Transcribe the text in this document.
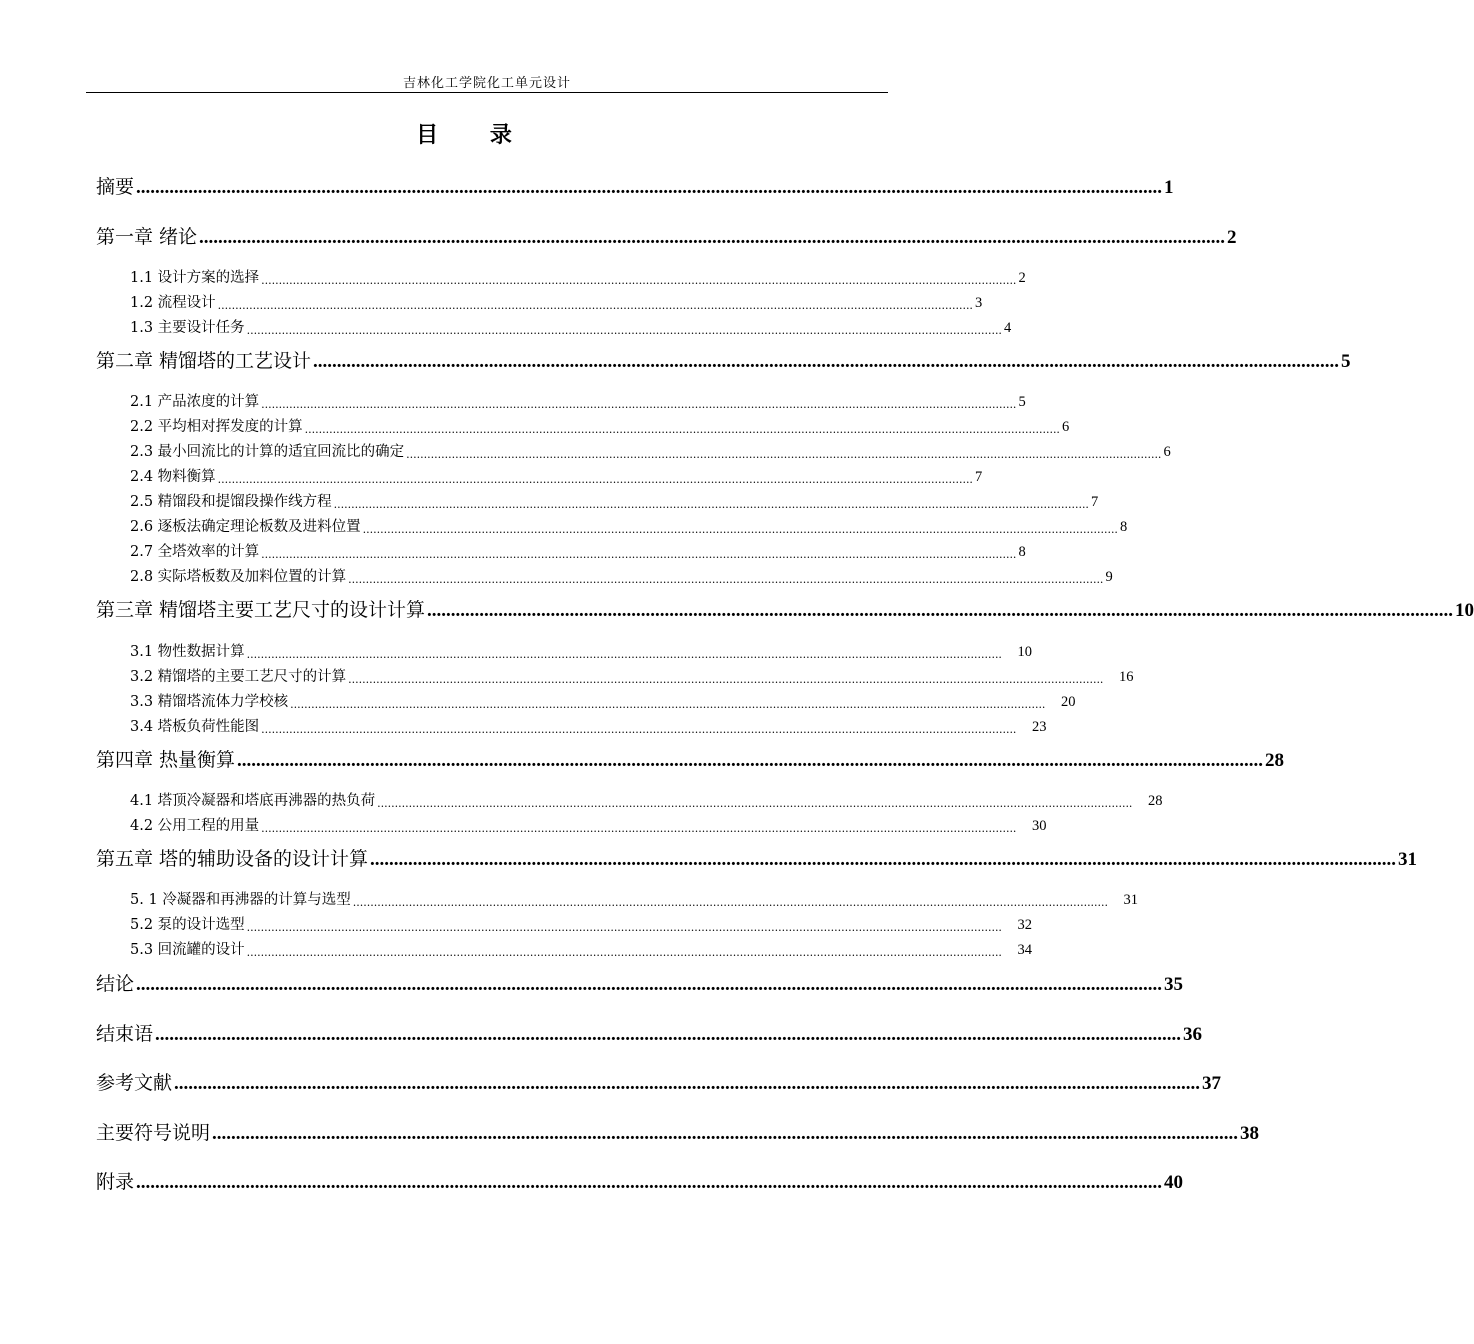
吉林化工学院化工单元设计
目 录
摘要 ........................................................................................................................................................................................................................ 1
第一章 绪论 ........................................................................................................................................................................................................................ 2
1.1 设计方案的选择 ........................................................................................................................................................................................................................ 2
1.2 流程设计 ........................................................................................................................................................................................................................ 3
1.3 主要设计任务 ........................................................................................................................................................................................................................ 4
第二章 精馏塔的工艺设计 ........................................................................................................................................................................................................................ 5
2.1 产品浓度的计算 ........................................................................................................................................................................................................................ 5
2.2 平均相对挥发度的计算 ........................................................................................................................................................................................................................ 6
2.3 最小回流比的计算的适宜回流比的确定 ........................................................................................................................................................................................................................ 6
2.4 物料衡算 ........................................................................................................................................................................................................................ 7
2.5 精馏段和提馏段操作线方程 ........................................................................................................................................................................................................................ 7
2.6 逐板法确定理论板数及进料位置 ........................................................................................................................................................................................................................ 8
2.7 全塔效率的计算 ........................................................................................................................................................................................................................ 8
2.8 实际塔板数及加料位置的计算 ........................................................................................................................................................................................................................ 9
第三章 精馏塔主要工艺尺寸的设计计算 ........................................................................................................................................................................................................................ 10
3.1 物性数据计算 ........................................................................................................................................................................................................................	10
3.2 精馏塔的主要工艺尺寸的计算 ........................................................................................................................................................................................................................	16
3.3 精馏塔流体力学校核 ........................................................................................................................................................................................................................	20
3.4 塔板负荷性能图 ........................................................................................................................................................................................................................	23
第四章 热量衡算 ........................................................................................................................................................................................................................ 28
4.1 塔顶冷凝器和塔底再沸器的热负荷 ........................................................................................................................................................................................................................	28
4.2 公用工程的用量 ........................................................................................................................................................................................................................	30
第五章 塔的辅助设备的设计计算 ........................................................................................................................................................................................................................ 31
5. 1 冷凝器和再沸器的计算与选型 ........................................................................................................................................................................................................................	31
5.2 泵的设计选型 ........................................................................................................................................................................................................................	32
5.3 回流罐的设计 ........................................................................................................................................................................................................................	34
结论 ........................................................................................................................................................................................................................ 35
结束语 ........................................................................................................................................................................................................................ 36
参考文献 ........................................................................................................................................................................................................................ 37
主要符号说明 ........................................................................................................................................................................................................................ 38
附录 ........................................................................................................................................................................................................................ 40
